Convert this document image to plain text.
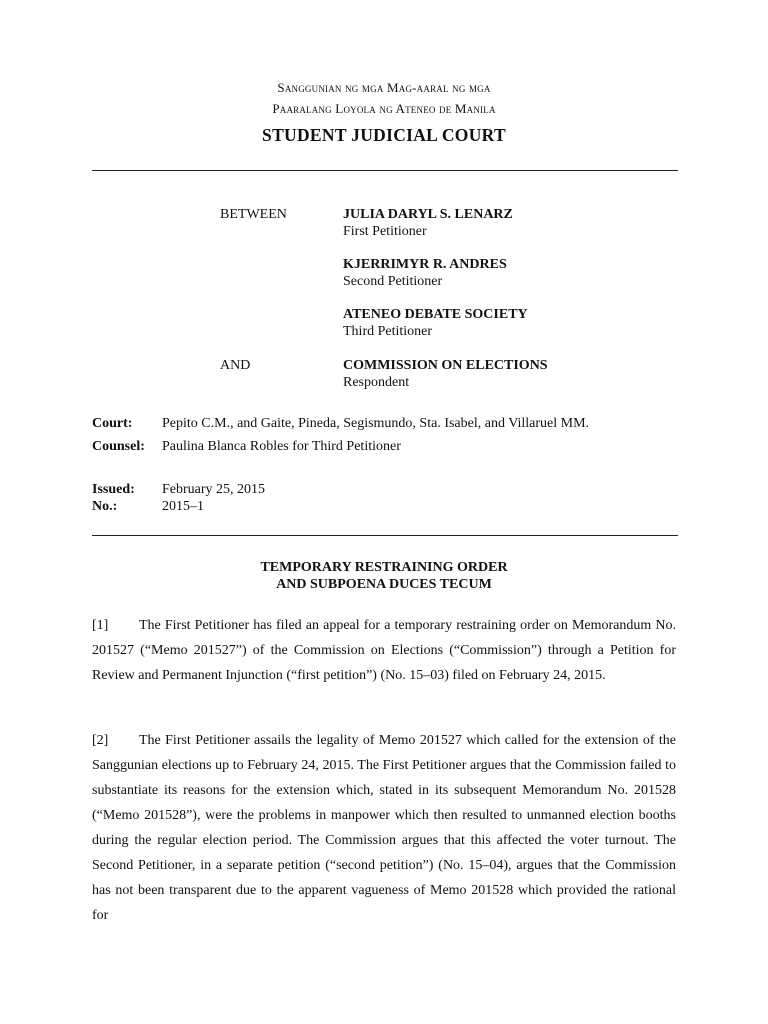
Sanggunian ng mga Mag-aaral ng mga
Paaralang Loyola ng Ateneo de Manila
STUDENT JUDICIAL COURT
BETWEEN	JULIA DARYL S. LENARZ
First Petitioner
KJERRIMYR R. ANDRES
Second Petitioner
ATENEO DEBATE SOCIETY
Third Petitioner
AND	COMMISSION ON ELECTIONS
Respondent
Court: Pepito C.M., and Gaite, Pineda, Segismundo, Sta. Isabel, and Villaruel MM.
Counsel: Paulina Blanca Robles for Third Petitioner
Issued: February 25, 2015
No.:	2015–1
TEMPORARY RESTRAINING ORDER
AND SUBPOENA DUCES TECUM
[1] The First Petitioner has filed an appeal for a temporary restraining order on Memorandum No. 201527 (“Memo 201527”) of the Commission on Elections (“Commission”) through a Petition for Review and Permanent Injunction (“first petition”) (No. 15–03) filed on February 24, 2015.
[2] The First Petitioner assails the legality of Memo 201527 which called for the extension of the Sanggunian elections up to February 24, 2015. The First Petitioner argues that the Commission failed to substantiate its reasons for the extension which, stated in its subsequent Memorandum No. 201528 (“Memo 201528”), were the problems in manpower which then resulted to unmanned election booths during the regular election period. The Commission argues that this affected the voter turnout. The Second Petitioner, in a separate petition (“second petition”) (No. 15–04), argues that the Commission has not been transparent due to the apparent vagueness of Memo 201528 which provided the rational for
